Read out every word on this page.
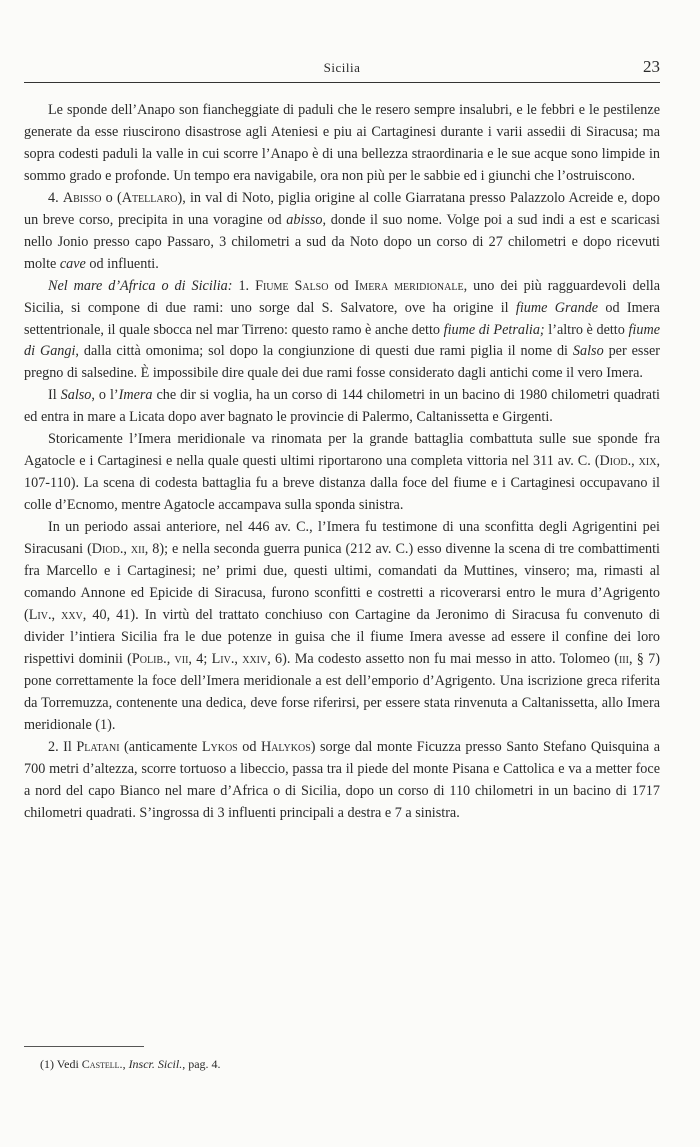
Sicilia	23

Le sponde dell’Anapo son fiancheggiate di paduli che le resero sempre insalubri, e le febbri e le pestilenze generate da esse riuscirono disastrose agli Ateniesi e piu ai Cartaginesi durante i varii assedii di Siracusa; ma sopra codesti paduli la valle in cui scorre l’Anapo è di una bellezza straordinaria e le sue acque sono limpide in sommo grado e profonde. Un tempo era navigabile, ora non più per le sabbie ed i giunchi che l’ostruiscono.

4. Abisso o (Atellaro), in val di Noto, piglia origine al colle Giarratana presso Palazzolo Acreide e, dopo un breve corso, precipita in una voragine od abisso, donde il suo nome. Volge poi a sud indi a est e scaricasi nello Jonio presso capo Passaro, 3 chilometri a sud da Noto dopo un corso di 27 chilometri e dopo ricevuti molte cave od influenti.

Nel mare d’Africa o di Sicilia: 1. Fiume Salso od Imera meridionale, uno dei più ragguardevoli della Sicilia, si compone di due rami: uno sorge dal S. Salvatore, ove ha origine il fiume Grande od Imera settentrionale, il quale sbocca nel mar Tirreno: questo ramo è anche detto fiume di Petralia; l’altro è detto fiume di Gangi, dalla città omonima; sol dopo la congiunzione di questi due rami piglia il nome di Salso per esser pregno di salsedine. È impossibile dire quale dei due rami fosse considerato dagli antichi come il vero Imera.

Il Salso, o l’Imera che dir si voglia, ha un corso di 144 chilometri in un bacino di 1980 chilometri quadrati ed entra in mare a Licata dopo aver bagnato le provincie di Palermo, Caltanissetta e Girgenti.

Storicamente l’Imera meridionale va rinomata per la grande battaglia combattuta sulle sue sponde fra Agatocle e i Cartaginesi e nella quale questi ultimi riportarono una completa vittoria nel 311 av. C. (Diod., xix, 107-110). La scena di codesta battaglia fu a breve distanza dalla foce del fiume e i Cartaginesi occupavano il colle d’Ecnomo, mentre Agatocle accampava sulla sponda sinistra.

In un periodo assai anteriore, nel 446 av. C., l’Imera fu testimone di una sconfitta degli Agrigentini pei Siracusani (Diod., xii, 8); e nella seconda guerra punica (212 av. C.) esso divenne la scena di tre combattimenti fra Marcello e i Cartaginesi; ne’ primi due, questi ultimi, comandati da Muttines, vinsero; ma, rimasti al comando Annone ed Epicide di Siracusa, furono sconfitti e costretti a ricoverarsi entro le mura d’Agrigento (Liv., xxv, 40, 41). In virtù del trattato conchiuso con Cartagine da Jeronimo di Siracusa fu convenuto di divider l’intiera Sicilia fra le due potenze in guisa che il fiume Imera avesse ad essere il confine dei loro rispettivi dominii (Polib., vii, 4; Liv., xxiv, 6). Ma codesto assetto non fu mai messo in atto. Tolomeo (iii, § 7) pone correttamente la foce dell’Imera meridionale a est dell’emporio d’Agrigento. Una iscrizione greca riferita da Torremuzza, contenente una dedica, deve forse riferirsi, per essere stata rinvenuta a Caltanissetta, allo Imera meridionale (1).

2. Il Platani (anticamente Lykos od Halykos) sorge dal monte Ficuzza presso Santo Stefano Quisquina a 700 metri d’altezza, scorre tortuoso a libeccio, passa tra il piede del monte Pisana e Cattolica e va a metter foce a nord del capo Bianco nel mare d’Africa o di Sicilia, dopo un corso di 110 chilometri in un bacino di 1717 chilometri quadrati. S’ingrossa di 3 influenti principali a destra e 7 a sinistra.

(1) Vedi Castell., Inscr. Sicil., pag. 4.
